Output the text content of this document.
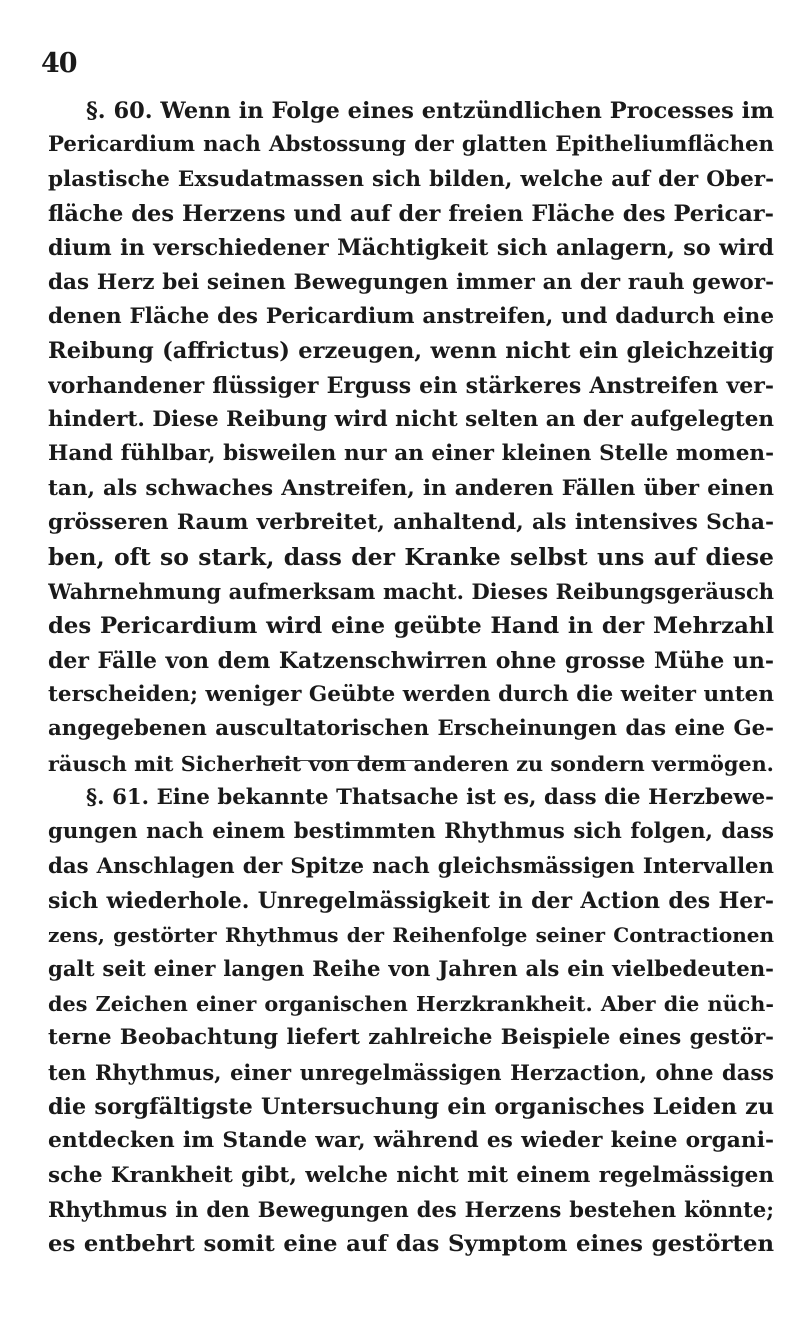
40
§. 60. Wenn in Folge eines entzündlichen Processes im
Pericardium nach Abstossung der glatten Epitheliumflächen
plastische Exsudatmassen sich bilden, welche auf der Ober-
fläche des Herzens und auf der freien Fläche des Pericar-
dium in verschiedener Mächtigkeit sich anlagern, so wird
das Herz bei seinen Bewegungen immer an der rauh gewor-
denen Fläche des Pericardium anstreifen, und dadurch eine
Reibung (affrictus) erzeugen, wenn nicht ein gleichzeitig
vorhandener flüssiger Erguss ein stärkeres Anstreifen ver-
hindert. Diese Reibung wird nicht selten an der aufgelegten
Hand fühlbar, bisweilen nur an einer kleinen Stelle momen-
tan, als schwaches Anstreifen, in anderen Fällen über einen
grösseren Raum verbreitet, anhaltend, als intensives Scha-
ben, oft so stark, dass der Kranke selbst uns auf diese
Wahrnehmung aufmerksam macht. Dieses Reibungsgeräusch
des Pericardium wird eine geübte Hand in der Mehrzahl
der Fälle von dem Katzenschwirren ohne grosse Mühe un-
terscheiden; weniger Geübte werden durch die weiter unten
angegebenen auscultatorischen Erscheinungen das eine Ge-
räusch mit Sicherheit von dem anderen zu sondern vermögen.
§. 61. Eine bekannte Thatsache ist es, dass die Herzbewe-
gungen nach einem bestimmten Rhythmus sich folgen, dass
das Anschlagen der Spitze nach gleichsmässigen Intervallen
sich wiederhole. Unregelmässigkeit in der Action des Her-
zens, gestörter Rhythmus der Reihenfolge seiner Contractionen
galt seit einer langen Reihe von Jahren als ein vielbedeuten-
des Zeichen einer organischen Herzkrankheit. Aber die nüch-
terne Beobachtung liefert zahlreiche Beispiele eines gestör-
ten Rhythmus, einer unregelmässigen Herzaction, ohne dass
die sorgfältigste Untersuchung ein organisches Leiden zu
entdecken im Stande war, während es wieder keine organi-
sche Krankheit gibt, welche nicht mit einem regelmässigen
Rhythmus in den Bewegungen des Herzens bestehen könnte;
es entbehrt somit eine auf das Symptom eines gestörten
